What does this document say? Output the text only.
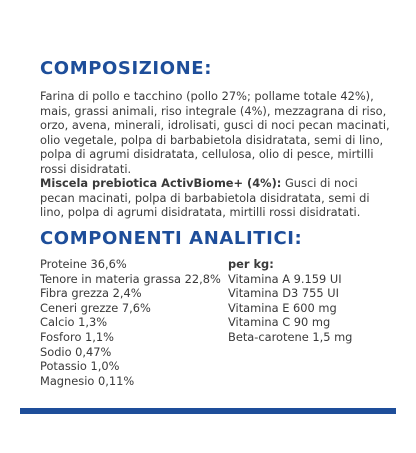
COMPOSIZIONE:

Farina di pollo e tacchino (pollo 27%; pollame totale 42%), mais, grassi animali, riso integrale (4%), mezzagrana di riso, orzo, avena, minerali, idrolisati, gusci di noci pecan macinati, olio vegetale, polpa di barbabietola disidratata, semi di lino, polpa di agrumi disidratata, cellulosa, olio di pesce, mirtilli rossi disidratati.

Miscela prebiotica ActivBiome+ (4%): Gusci di noci pecan macinati, polpa di barbabietola disidratata, semi di lino, polpa di agrumi disidratata, mirtilli rossi disidratati.

COMPONENTI ANALITICI:
Proteine 36,6%
Tenore in materia grassa 22,8%
Fibra grezza 2,4%
Ceneri grezze 7,6%
Calcio 1,3%
Fosforo 1,1%
Sodio 0,47%
Potassio 1,0%
Magnesio 0,11%
per kg:
Vitamina A 9.159 UI
Vitamina D3 755 UI
Vitamina E 600 mg
Vitamina C 90 mg
Beta-carotene 1,5 mg
